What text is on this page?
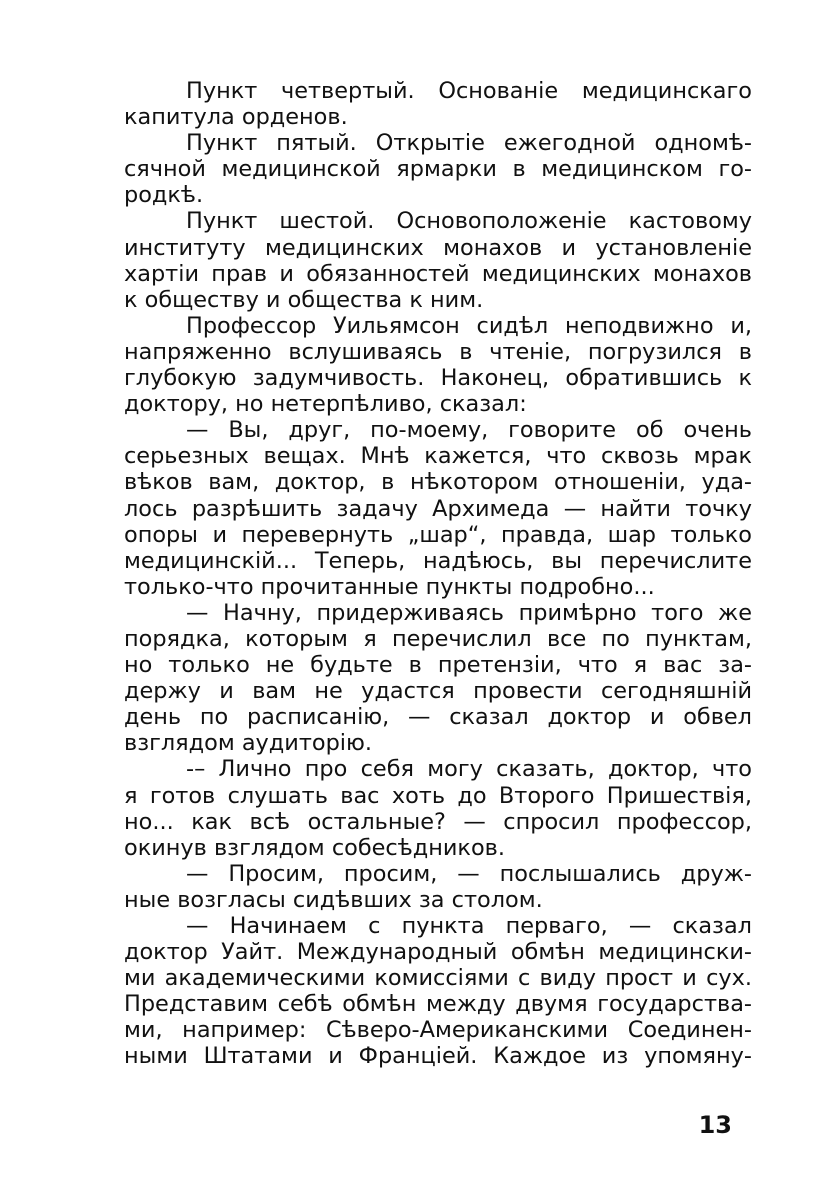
Пункт четвертый. Основаніе медицинскаго
капитула орденов.

Пункт пятый. Открытіе ежегодной одномѣ-
сячной медицинской ярмарки в медицинском го-
родкѣ.

Пункт шестой. Основоположеніе кастовому
институту медицинских монахов и установленіе
хартіи прав и обязанностей медицинских монахов
к обществу и общества к ним.

Профессор Уильямсон сидѣл неподвижно и,
напряженно вслушиваясь в чтеніе, погрузился в
глубокую задумчивость. Наконец, обратившись к
доктору, но нетерпѣливо, сказал:

— Вы, друг, по-моему, говорите об очень
серьезных вещах. Мнѣ кажется, что сквозь мрак
вѣков вам, доктор, в нѣкотором отношеніи, уда-
лось разрѣшить задачу Архимеда — найти точку
опоры и перевернуть „шар“, правда, шар только
медицинскій... Теперь, надѣюсь, вы перечислите
только-что прочитанные пункты подробно...

— Начну, придерживаясь примѣрно того же
порядка, которым я перечислил все по пунктам,
но только не будьте в претензіи, что я вас за-
держу и вам не удастся провести сегодняшній
день по расписанію, — сказал доктор и обвел
взглядом аудиторію.

-– Лично про себя могу сказать, доктор, что
я готов слушать вас хоть до Второго Пришествія,
но... как всѣ остальные? — спросил профессор,
окинув взглядом собесѣдников.

— Просим, просим, — послышались друж-
ные возгласы сидѣвших за столом.

— Начинаем с пункта перваго, — сказал
доктор Уайт. Международный обмѣн медицински-
ми академическими комиссіями с виду прост и сух.
Представим себѣ обмѣн между двумя государства-
ми, например: Сѣверо-Американскими Соединен-
ными Штатами и Франціей. Каждое из упомяну-

13
